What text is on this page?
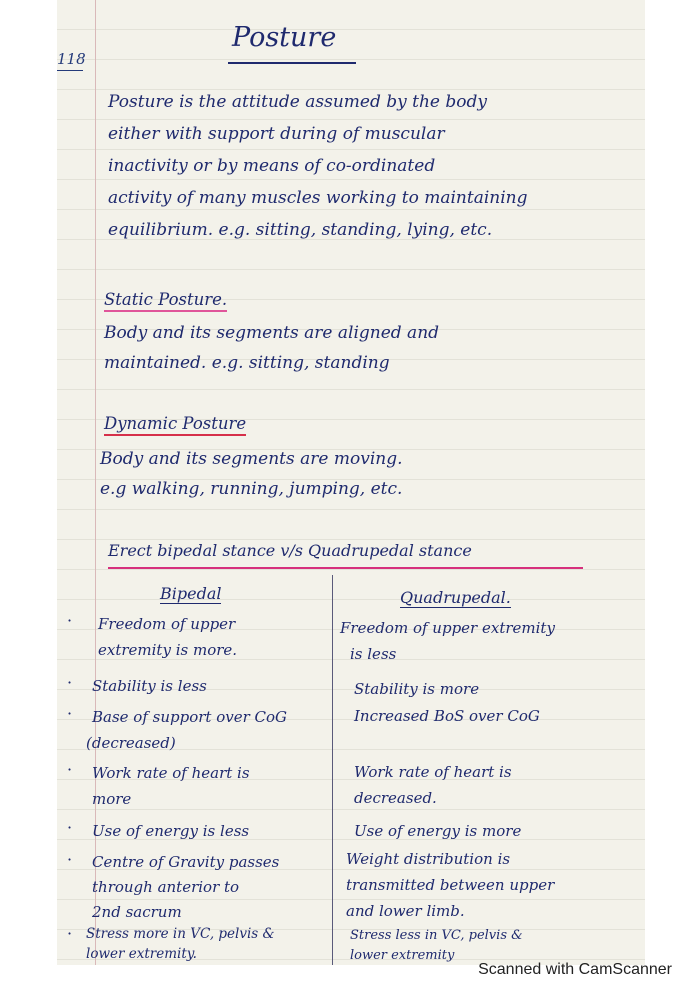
118
Posture
Posture is the attitude assumed by the body
either with support during of muscular
inactivity or by means of co-ordinated
activity of many muscles working to maintaining
equilibrium. e.g. sitting, standing, lying, etc.
Static Posture.
Body and its segments are aligned and
maintained. e.g. sitting, standing
Dynamic Posture
Body and its segments are moving.
e.g walking, running, jumping, etc.
Erect bipedal stance v/s Quadrupedal stance
Bipedal	Quadrupedal.
· Freedom of upper
extremity is more.
· Stability is less
· Base of support over CoG
(decreased)
· Work rate of heart is
more
· Use of energy is less
· Centre of Gravity passes
through anterior to
2nd sacrum
· Stress more in VC, pelvis &
lower extremity.
Freedom of upper extremity
is less
Stability is more
Increased BoS over CoG
Work rate of heart is
decreased.
Use of energy is more
Weight distribution is
transmitted between upper
and lower limb.
Stress less in VC, pelvis &
lower extremity
Scanned with CamScanner
